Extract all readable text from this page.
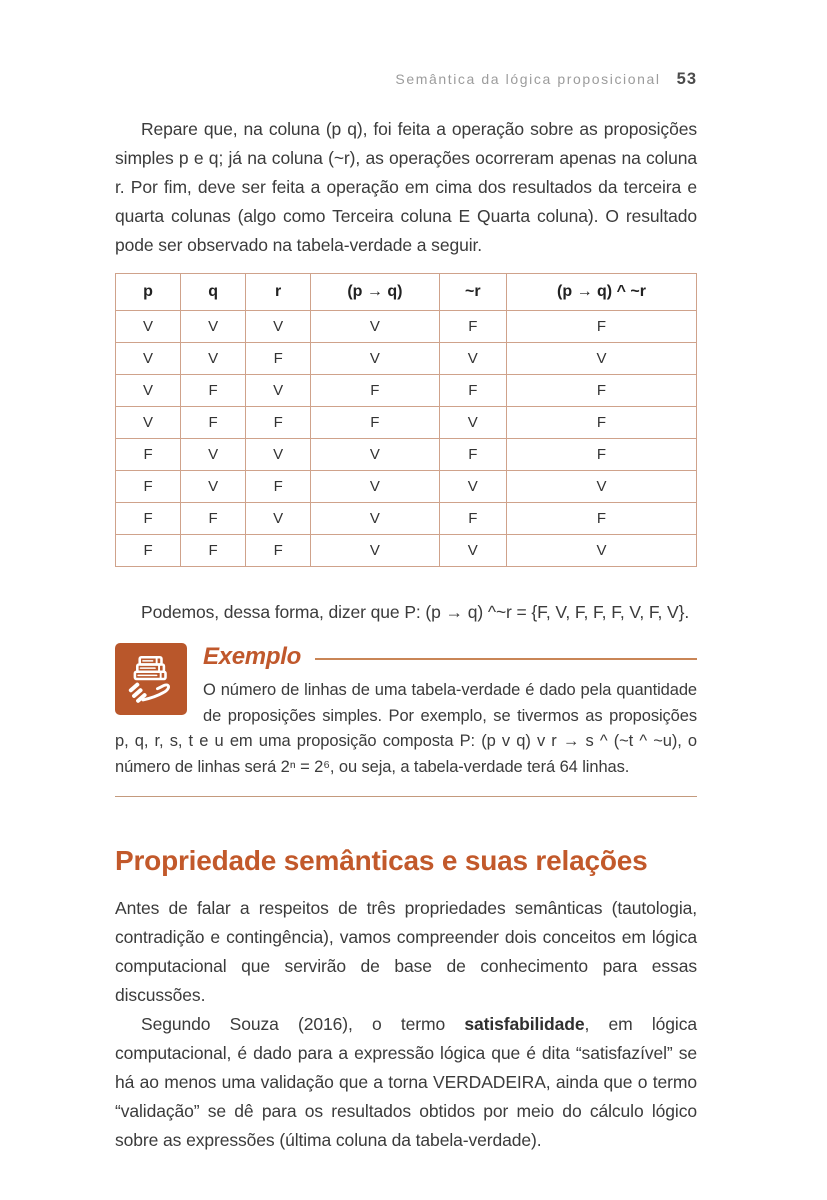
Semântica da lógica proposicional 53

Repare que, na coluna (p q), foi feita a operação sobre as proposições simples p e q; já na coluna (~r), as operações ocorreram apenas na coluna r. Por fim, deve ser feita a operação em cima dos resultados da terceira e quarta colunas (algo como Terceira coluna E Quarta coluna). O resultado pode ser observado na tabela-verdade a seguir.

p	q	r	(p → q)	~r	(p → q) ^ ~r
V	V	V	V	F	F
V	V	F	V	V	V
V	F	V	F	F	F
V	F	F	F	V	F
F	V	V	V	F	F
F	V	F	V	V	V
F	F	V	V	F	F
F	F	F	V	V	V

Podemos, dessa forma, dizer que P: (p → q) ^~r = {F, V, F, F, F, V, F, V}.

Exemplo

O número de linhas de uma tabela-verdade é dado pela quantidade de proposições simples. Por exemplo, se tivermos as proposições p, q, r, s, t e u em uma proposição composta P: (p v q) v r → s ^ (~t ^ ~u), o número de linhas será 2ⁿ = 2⁶, ou seja, a tabela-verdade terá 64 linhas.

Propriedade semânticas e suas relações

Antes de falar a respeitos de três propriedades semânticas (tautologia, contradição e contingência), vamos compreender dois conceitos em lógica computacional que servirão de base de conhecimento para essas discussões.

Segundo Souza (2016), o termo satisfabilidade, em lógica computacional, é dado para a expressão lógica que é dita “satisfazível” se há ao menos uma validação que a torna VERDADEIRA, ainda que o termo “validação” se dê para os resultados obtidos por meio do cálculo lógico sobre as expressões (última coluna da tabela-verdade).
